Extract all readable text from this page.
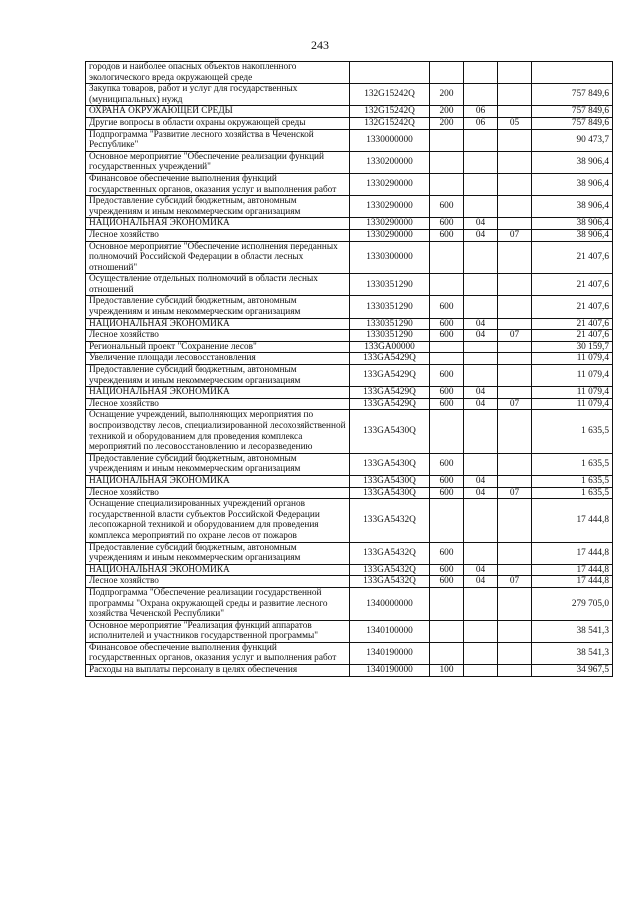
243
городов и наиболее опасных объектов накопленного экологического вреда окружающей среде					
Закупка товаров, работ и услуг для государственных (муниципальных) нужд	132G15242Q	200			757 849,6
ОХРАНА ОКРУЖАЮЩЕЙ СРЕДЫ	132G15242Q	200	06		757 849,6
Другие вопросы в области охраны окружающей среды	132G15242Q	200	06	05	757 849,6
Подпрограмма "Развитие лесного хозяйства в Чеченской Республике"	1330000000				90 473,7
Основное мероприятие "Обеспечение реализации функций государственных учреждений"	1330200000				38 906,4
Финансовое обеспечение выполнения функций государственных органов, оказания услуг и выполнения работ	1330290000				38 906,4
Предоставление субсидий бюджетным, автономным учреждениям и иным некоммерческим организациям	1330290000	600			38 906,4
НАЦИОНАЛЬНАЯ ЭКОНОМИКА	1330290000	600	04		38 906,4
Лесное хозяйство	1330290000	600	04	07	38 906,4
Основное мероприятие "Обеспечение исполнения переданных полномочий Российской Федерации в области лесных отношений"	1330300000				21 407,6
Осуществление отдельных полномочий в области лесных отношений	1330351290				21 407,6
Предоставление субсидий бюджетным, автономным учреждениям и иным некоммерческим организациям	1330351290	600			21 407,6
НАЦИОНАЛЬНАЯ ЭКОНОМИКА	1330351290	600	04		21 407,6
Лесное хозяйство	1330351290	600	04	07	21 407,6
Региональный проект "Сохранение лесов"	133GA00000				30 159,7
Увеличение площади лесовосстановления	133GA5429Q				11 079,4
Предоставление субсидий бюджетным, автономным учреждениям и иным некоммерческим организациям	133GA5429Q	600			11 079,4
НАЦИОНАЛЬНАЯ ЭКОНОМИКА	133GA5429Q	600	04		11 079,4
Лесное хозяйство	133GA5429Q	600	04	07	11 079,4
Оснащение учреждений, выполняющих мероприятия по воспроизводству лесов, специализированной лесохозяйственной техникой и оборудованием для проведения комплекса мероприятий по лесовосстановлению и лесоразведению	133GA5430Q				1 635,5
Предоставление субсидий бюджетным, автономным учреждениям и иным некоммерческим организациям	133GA5430Q	600			1 635,5
НАЦИОНАЛЬНАЯ ЭКОНОМИКА	133GA5430Q	600	04		1 635,5
Лесное хозяйство	133GA5430Q	600	04	07	1 635,5
Оснащение специализированных учреждений органов государственной власти субъектов Российской Федерации лесопожарной техникой и оборудованием для проведения комплекса мероприятий по охране лесов от пожаров	133GA5432Q				17 444,8
Предоставление субсидий бюджетным, автономным учреждениям и иным некоммерческим организациям	133GA5432Q	600			17 444,8
НАЦИОНАЛЬНАЯ ЭКОНОМИКА	133GA5432Q	600	04		17 444,8
Лесное хозяйство	133GA5432Q	600	04	07	17 444,8
Подпрограмма "Обеспечение реализации государственной программы "Охрана окружающей среды и развитие лесного хозяйства Чеченской Республики"	1340000000				279 705,0
Основное мероприятие "Реализация функций аппаратов исполнителей и участников государственной программы"	1340100000				38 541,3
Финансовое обеспечение выполнения функций государственных органов, оказания услуг и выполнения работ	1340190000				38 541,3
Расходы на выплаты персоналу в целях обеспечения	1340190000	100			34 967,5
